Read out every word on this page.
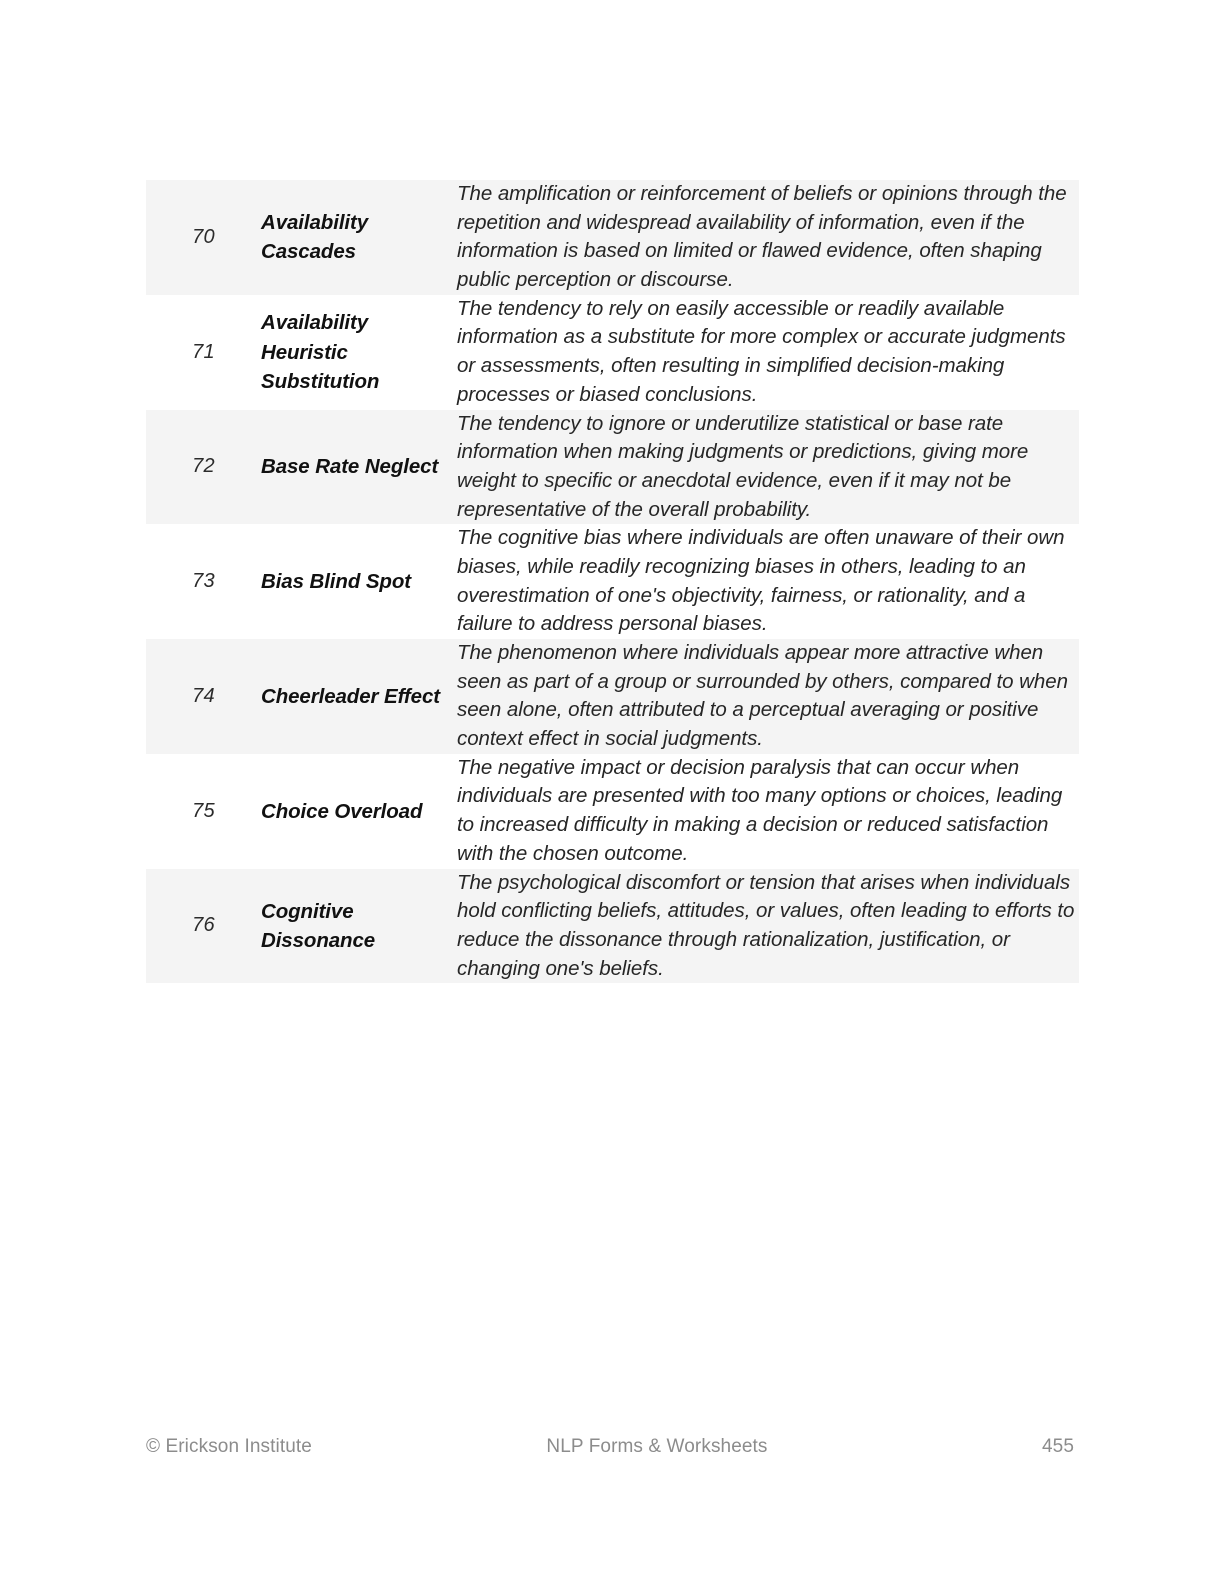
70	Availability Cascades	The amplification or reinforcement of beliefs or opinions through the repetition and widespread availability of information, even if the information is based on limited or flawed evidence, often shaping public perception or discourse.
71	Availability Heuristic Substitution	The tendency to rely on easily accessible or readily available information as a substitute for more complex or accurate judgments or assessments, often resulting in simplified decision-making processes or biased conclusions.
72	Base Rate Neglect	The tendency to ignore or underutilize statistical or base rate information when making judgments or predictions, giving more weight to specific or anecdotal evidence, even if it may not be representative of the overall probability.
73	Bias Blind Spot	The cognitive bias where individuals are often unaware of their own biases, while readily recognizing biases in others, leading to an overestimation of one's objectivity, fairness, or rationality, and a failure to address personal biases.
74	Cheerleader Effect	The phenomenon where individuals appear more attractive when seen as part of a group or surrounded by others, compared to when seen alone, often attributed to a perceptual averaging or positive context effect in social judgments.
75	Choice Overload	The negative impact or decision paralysis that can occur when individuals are presented with too many options or choices, leading to increased difficulty in making a decision or reduced satisfaction with the chosen outcome.
76	Cognitive Dissonance	The psychological discomfort or tension that arises when individuals hold conflicting beliefs, attitudes, or values, often leading to efforts to reduce the dissonance through rationalization, justification, or changing one's beliefs.
© Erickson Institute	NLP Forms & Worksheets	455
